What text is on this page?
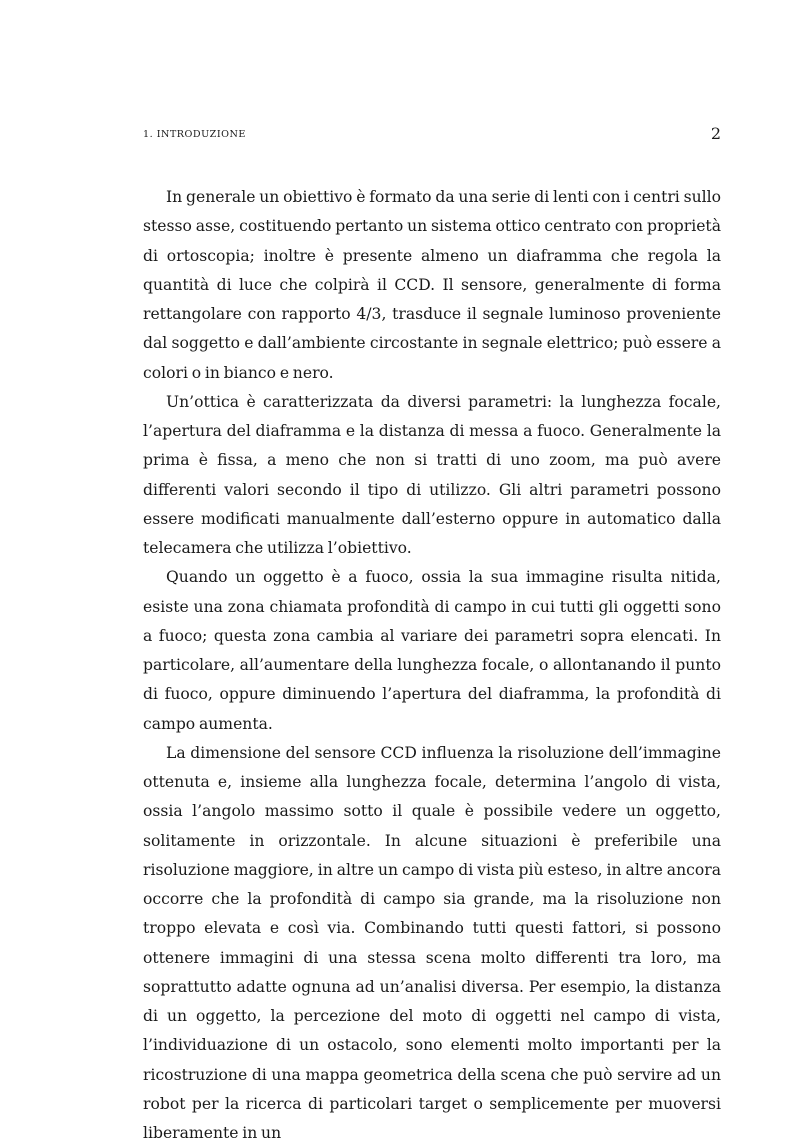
1. INTRODUZIONE	2

In generale un obiettivo è formato da una serie di lenti con i centri sullo stesso asse, costituendo pertanto un sistema ottico centrato con proprietà di ortoscopia; inoltre è presente almeno un diaframma che regola la quantità di luce che colpirà il CCD. Il sensore, generalmente di forma rettangolare con rapporto 4/3, trasduce il segnale luminoso proveniente dal soggetto e dall’ambiente circostante in segnale elettrico; può essere a colori o in bianco e nero.

Un’ottica è caratterizzata da diversi parametri: la lunghezza focale, l’apertura del diaframma e la distanza di messa a fuoco. Generalmente la prima è fissa, a meno che non si tratti di uno zoom, ma può avere differenti valori secondo il tipo di utilizzo. Gli altri parametri possono essere modificati manualmente dall’esterno oppure in automatico dalla telecamera che utilizza l’obiettivo.

Quando un oggetto è a fuoco, ossia la sua immagine risulta nitida, esiste una zona chiamata profondità di campo in cui tutti gli oggetti sono a fuoco; questa zona cambia al variare dei parametri sopra elencati. In particolare, all’aumentare della lunghezza focale, o allontanando il punto di fuoco, oppure diminuendo l’apertura del diaframma, la profondità di campo aumenta.

La dimensione del sensore CCD influenza la risoluzione dell’immagine ottenuta e, insieme alla lunghezza focale, determina l’angolo di vista, ossia l’angolo massimo sotto il quale è possibile vedere un oggetto, solitamente in orizzontale. In alcune situazioni è preferibile una risoluzione maggiore, in altre un campo di vista più esteso, in altre ancora occorre che la profondità di campo sia grande, ma la risoluzione non troppo elevata e così via. Combinando tutti questi fattori, si possono ottenere immagini di una stessa scena molto differenti tra loro, ma soprattutto adatte ognuna ad un’analisi diversa. Per esempio, la distanza di un oggetto, la percezione del moto di oggetti nel campo di vista, l’individuazione di un ostacolo, sono elementi molto importanti per la ricostruzione di una mappa geometrica della scena che può servire ad un robot per la ricerca di particolari target o semplicemente per muoversi liberamente in un
